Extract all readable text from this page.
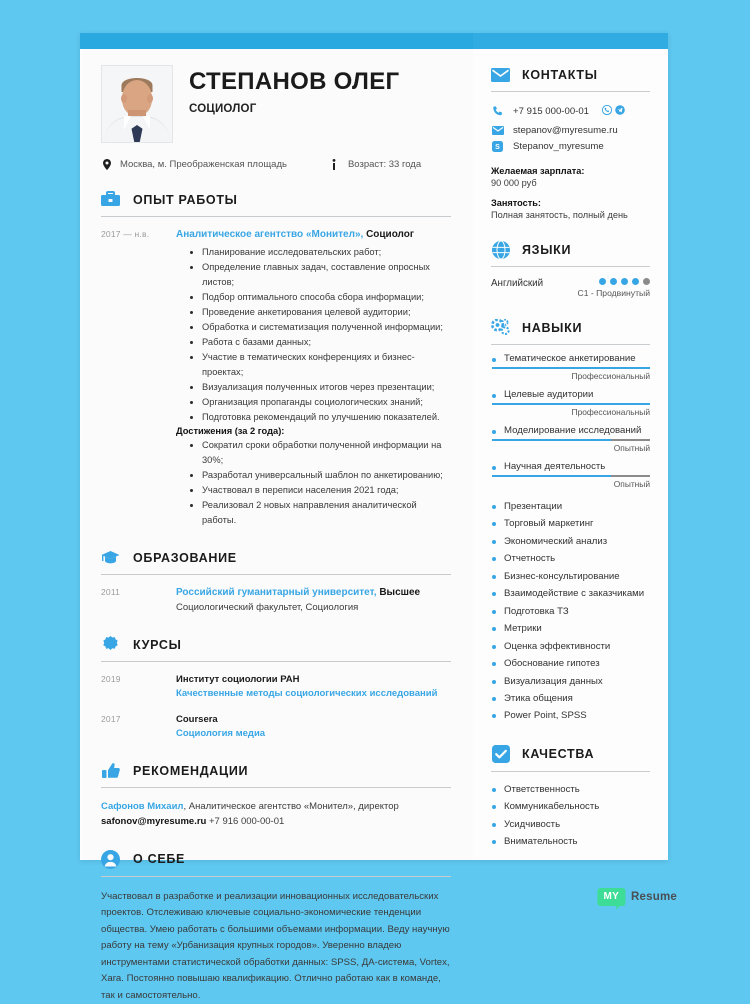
СТЕПАНОВ ОЛЕГ
СОЦИОЛОГ
Москва, м. Преображенская площадь	Возраст: 33 года
ОПЫТ РАБОТЫ
2017 — н.в.	Аналитическое агентство «Монител», Социолог
Планирование исследовательских работ;
Определение главных задач, составление опросных листов;
Подбор оптимального способа сбора информации;
Проведение анкетирования целевой аудитории;
Обработка и систематизация полученной информации;
Работа с базами данных;
Участие в тематических конференциях и бизнес-проектах;
Визуализация полученных итогов через презентации;
Организация пропаганды социологических знаний;
Подготовка рекомендаций по улучшению показателей.
Достижения (за 2 года):
Сократил сроки обработки полученной информации на 30%;
Разработал универсальный шаблон по анкетированию;
Участвовал в переписи населения 2021 года;
Реализовал 2 новых направления аналитической работы.
ОБРАЗОВАНИЕ
2011	Российский гуманитарный университет, Высшее
Социологический факультет, Социология
КУРСЫ
2019	Институт социологии РАН
Качественные методы социологических исследований
2017	Coursera
Социология медиа
РЕКОМЕНДАЦИИ
Сафонов Михаил, Аналитическое агентство «Монител», директор
safonov@myresume.ru +7 916 000-00-01
О СЕБЕ
Участвовал в разработке и реализации инновационных исследовательских проектов. Отслеживаю ключевые социально-экономические тенденции общества. Умею работать с большими объемами информации. Веду научную работу на тему «Урбанизация крупных городов». Уверенно владею инструментами статистической обработки данных: SPSS, ДА-система, Vortex, Xara. Постоянно повышаю квалификацию. Отлично работаю как в команде, так и самостоятельно.
КОНТАКТЫ
+7 915 000-00-01
stepanov@myresume.ru
S Stepanov_myresume
Желаемая зарплата:
90 000 руб
Занятость:
Полная занятость, полный день
ЯЗЫКИ
Английский
C1 - Продвинутый
НАВЫКИ
Тематическое анкетирование
Профессиональный
Целевые аудитории
Профессиональный
Моделирование исследований
Опытный
Научная деятельность
Опытный
Презентации
Торговый маркетинг
Экономический анализ
Отчетность
Бизнес-консультирование
Взаимодействие с заказчиками
Подготовка ТЗ
Метрики
Оценка эффективности
Обоснование гипотез
Визуализация данных
Этика общения
Power Point, SPSS
КАЧЕСТВА
Ответственность
Коммуникабельность
Усидчивость
Внимательность
MY	Resume
